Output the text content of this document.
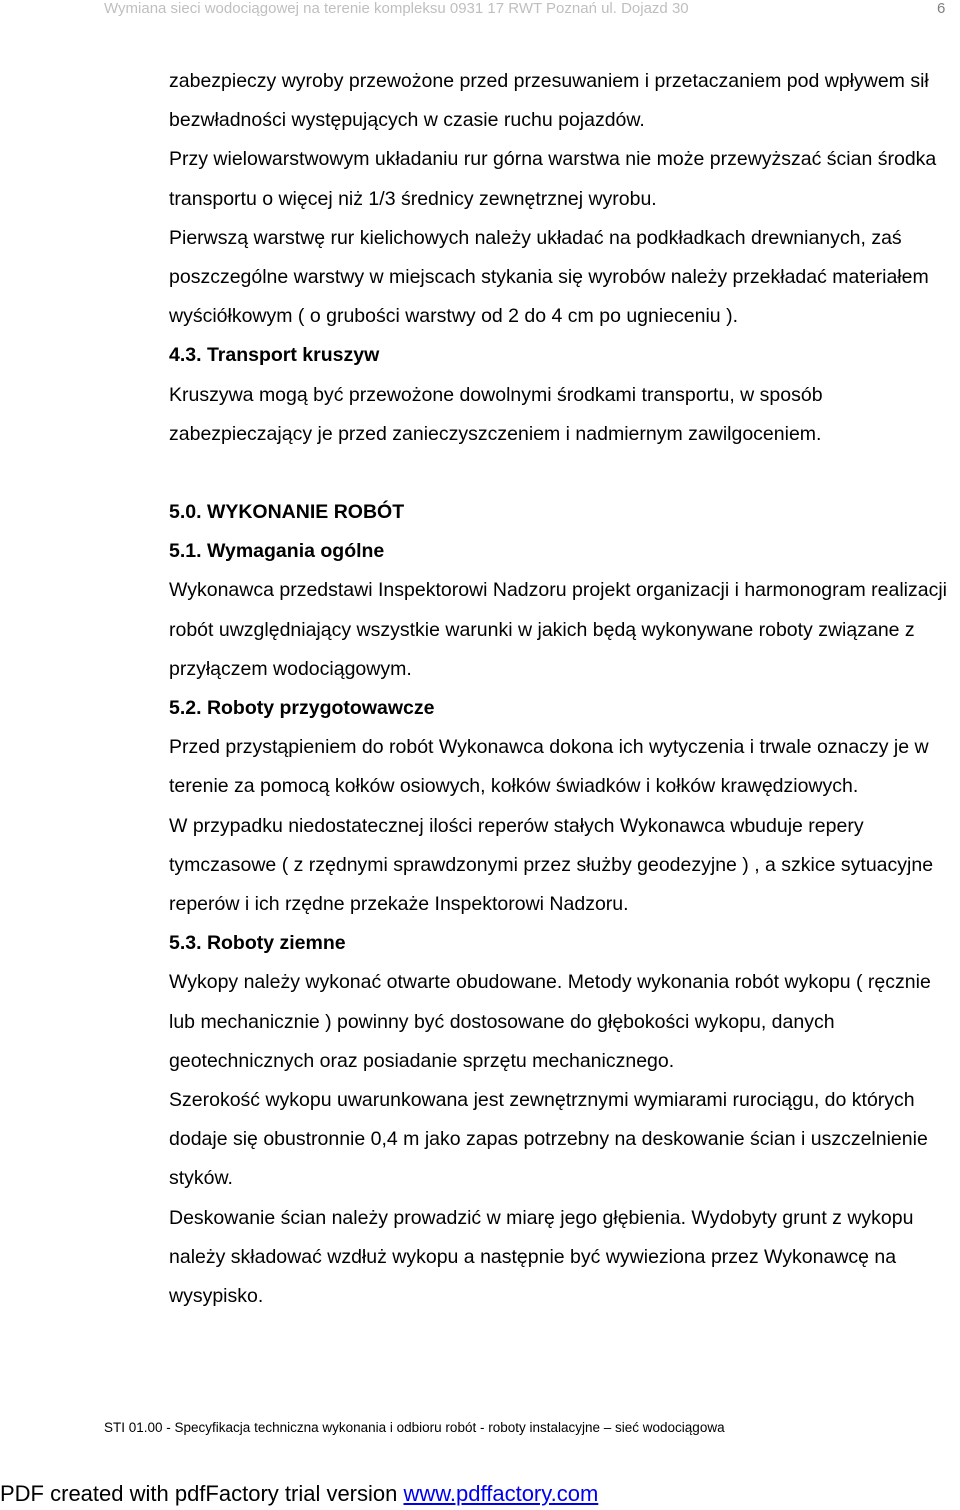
Wymiana sieci wodociągowej na terenie kompleksu 0931 17 RWT Poznań ul. Dojazd 30	6

zabezpieczy wyroby przewożone przed przesuwaniem i przetaczaniem pod wpływem sił bezwładności występujących w czasie ruchu pojazdów.

Przy wielowarstwowym układaniu rur górna warstwa nie może przewyższać ścian środka transportu o więcej niż 1/3 średnicy zewnętrznej wyrobu.

Pierwszą warstwę rur kielichowych należy układać na podkładkach drewnianych, zaś poszczególne warstwy w miejscach stykania się wyrobów należy przekładać materiałem wyściółkowym ( o grubości warstwy od 2 do 4 cm po ugnieceniu ).

4.3. Transport kruszyw

Kruszywa mogą być przewożone dowolnymi środkami transportu, w sposób zabezpieczający je przed zanieczyszczeniem i nadmiernym zawilgoceniem.

5.0. WYKONANIE ROBÓT

5.1. Wymagania ogólne

Wykonawca przedstawi Inspektorowi Nadzoru projekt organizacji i harmonogram realizacji robót uwzględniający wszystkie warunki w jakich będą wykonywane roboty związane z przyłączem wodociągowym.

5.2. Roboty przygotowawcze

Przed przystąpieniem do robót Wykonawca dokona ich wytyczenia i trwale oznaczy je w terenie za pomocą kołków osiowych, kołków świadków i kołków krawędziowych.

W przypadku niedostatecznej ilości reperów stałych Wykonawca wbuduje repery tymczasowe ( z rzędnymi sprawdzonymi przez służby geodezyjne ) , a szkice sytuacyjne reperów i ich rzędne przekaże Inspektorowi Nadzoru.

5.3. Roboty ziemne

Wykopy należy wykonać otwarte obudowane. Metody wykonania robót wykopu ( ręcznie lub mechanicznie ) powinny być dostosowane do głębokości wykopu, danych geotechnicznych oraz posiadanie sprzętu mechanicznego.

Szerokość wykopu uwarunkowana jest zewnętrznymi wymiarami rurociągu, do których dodaje się obustronnie 0,4 m jako zapas potrzebny na deskowanie ścian i uszczelnienie styków.

Deskowanie ścian należy prowadzić w miarę jego głębienia. Wydobyty grunt z wykopu należy składować wzdłuż wykopu a następnie być wywieziona przez Wykonawcę na wysypisko.

STI 01.00 - Specyfikacja techniczna wykonania i odbioru robót - roboty instalacyjne – sieć wodociągowa
PDF created with pdfFactory trial version www.pdffactory.com
